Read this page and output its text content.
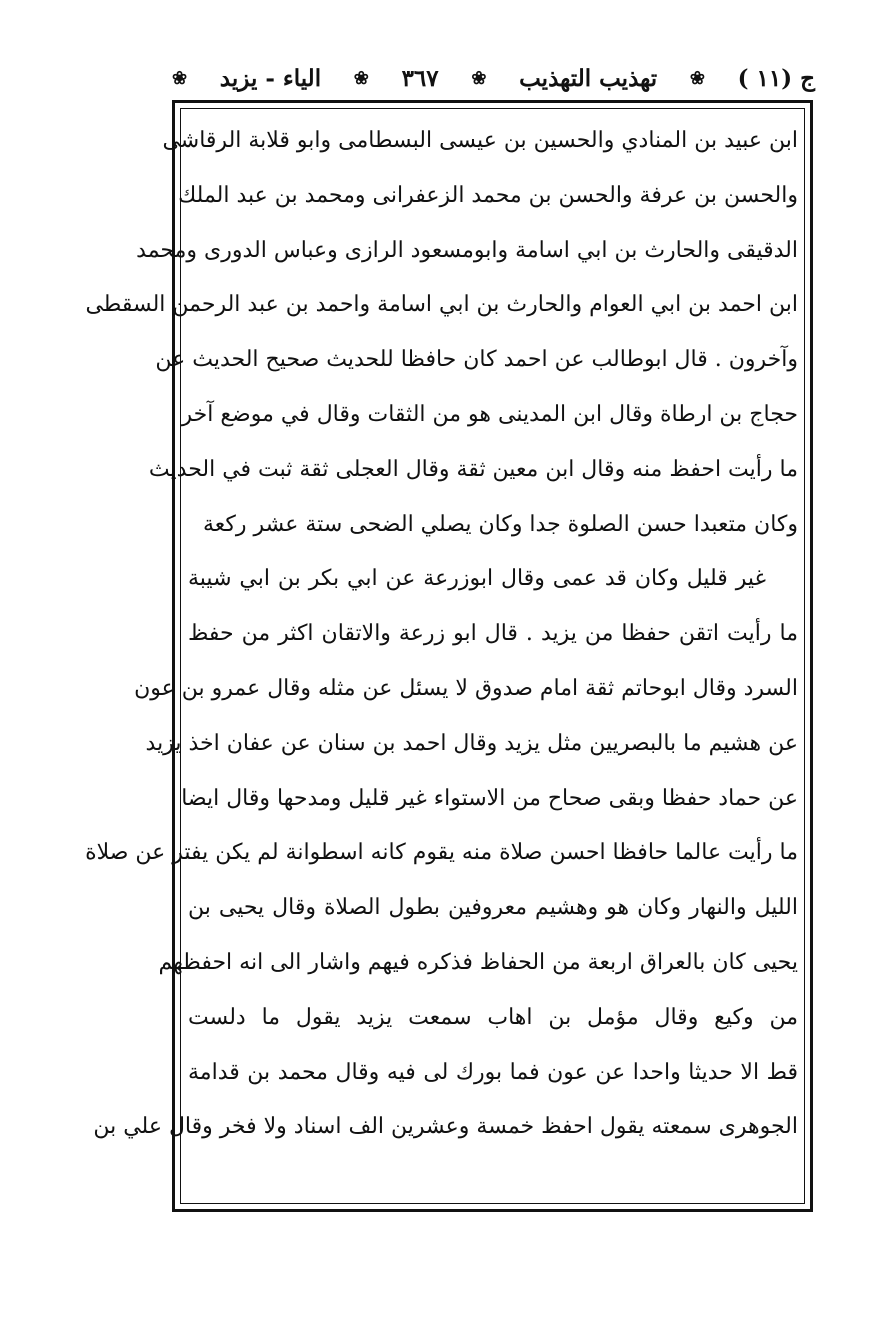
ج (١١ )
❀
تهذيب التهذيب
❀
٣٦٧
❀
الياء - يزيد
❀
ابن عبيد بن المنادي والحسين بن عيسى البسطامى وابو قلابة الرقاشى
والحسن بن عرفة والحسن بن محمد الزعفرانى ومحمد بن عبد الملك
الدقيقى والحارث بن ابي اسامة وابومسعود الرازى وعباس الدورى ومحمد
ابن احمد بن ابي العوام والحارث بن ابي اسامة واحمد بن عبد الرحمن السقطى
وآخرون . قال ابوطالب عن احمد كان حافظا للحديث صحيح الحديث عن
حجاج بن ارطاة وقال ابن المدينى هو من الثقات وقال في موضع آخر
ما رأيت احفظ منه وقال ابن معين ثقة وقال العجلى ثقة ثبت في الحديث
وكان متعبدا حسن الصلوة جدا وكان يصلي الضحى ستة عشر ركعة
غير قليل وكان قد عمى وقال ابوزرعة عن ابي بكر بن ابي شيبة
ما رأيت اتقن حفظا من يزيد . قال ابو زرعة والاتقان اكثر من حفظ
السرد وقال ابوحاتم ثقة امام صدوق لا يسئل عن مثله وقال عمرو بن عون
عن هشيم ما بالبصريين مثل يزيد وقال احمد بن سنان عن عفان اخذ يزيد
عن حماد حفظا وبقى صحاح من الاستواء غير قليل ومدحها وقال ايضا
ما رأيت عالما حافظا احسن صلاة منه يقوم كانه اسطوانة لم يكن يفتر عن صلاة
الليل والنهار وكان هو وهشيم معروفين بطول الصلاة وقال يحيى بن
يحيى كان بالعراق اربعة من الحفاظ فذكره فيهم واشار الى انه احفظهم
من وكيع وقال مؤمل بن اهاب سمعت يزيد يقول ما دلست
قط الا حديثا واحدا عن عون فما بورك لى فيه وقال محمد بن قدامة
الجوهرى سمعته يقول احفظ خمسة وعشرين الف اسناد ولا فخر وقال علي بن
